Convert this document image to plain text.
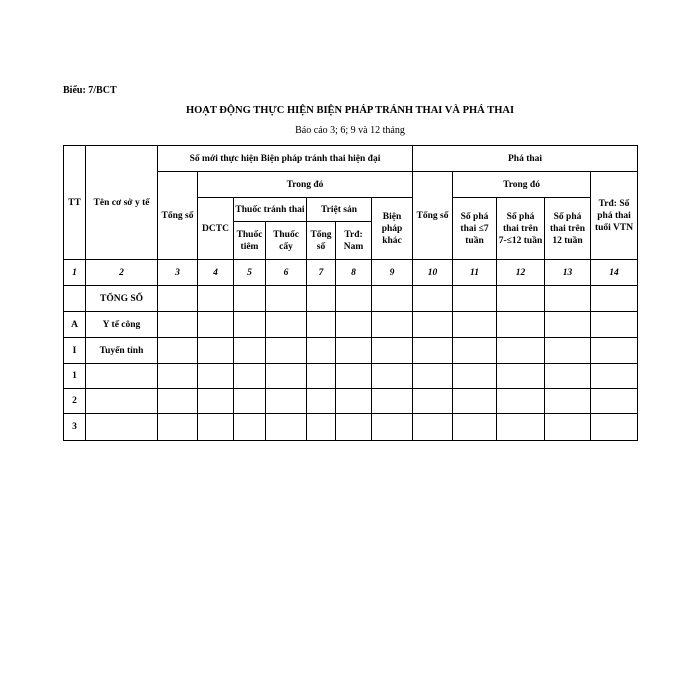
Biểu: 7/BCT
HOẠT ĐỘNG THỰC HIỆN BIỆN PHÁP TRÁNH THAI VÀ PHÁ THAI
Báo cáo 3; 6; 9 và 12 tháng
TT	Tên cơ sở y tế	Số mới thực hiện Biện pháp tránh thai hiện đại							Phá thai				
		Tổng số	Trong đó						Tổng số	Trong đó			Trđ: Số phá thai tuổi VTN
			DCTC	Thuốc tránh thai		Triệt sản		Biện pháp khác		Số phá thai ≤7 tuần	Số phá thai trên 7-≤12 tuần	Số phá thai trên 12 tuần	
				Thuốc tiêm	Thuốc cấy	Tổng số	Trđ: Nam						
1	2	3	4	5	6	7	8	9	10	11	12	13	14
	TỔNG SỐ												
A	Y tế công												
I	Tuyến tỉnh												
1													
2													
3													
